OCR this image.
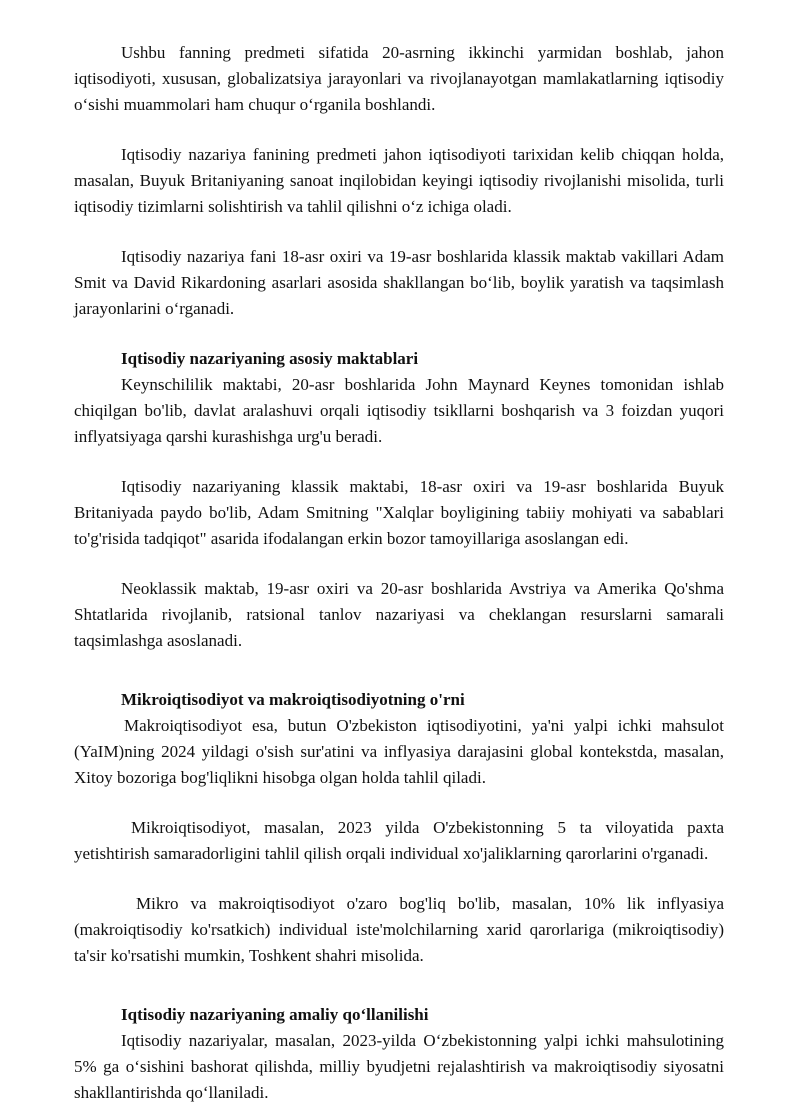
Ushbu fanning predmeti sifatida 20-asrning ikkinchi yarmidan boshlab, jahon iqtisodiyoti, xususan, globalizatsiya jarayonlari va rivojlanayotgan mamlakatlarning iqtisodiy o‘sishi muammolari ham chuqur o‘rganila boshlandi.

Iqtisodiy nazariya fanining predmeti jahon iqtisodiyoti tarixidan kelib chiqqan holda, masalan, Buyuk Britaniyaning sanoat inqilobidan keyingi iqtisodiy rivojlanishi misolida, turli iqtisodiy tizimlarni solishtirish va tahlil qilishni o‘z ichiga oladi.

Iqtisodiy nazariya fani 18-asr oxiri va 19-asr boshlarida klassik maktab vakillari Adam Smit va David Rikardoning asarlari asosida shakllangan bo‘lib, boylik yaratish va taqsimlash jarayonlarini o‘rganadi.

Iqtisodiy nazariyaning asosiy maktablari

Keynschililik maktabi, 20-asr boshlarida John Maynard Keynes tomonidan ishlab chiqilgan bo'lib, davlat aralashuvi orqali iqtisodiy tsikllarni boshqarish va 3 foizdan yuqori inflyatsiyaga qarshi kurashishga urg'u beradi.

Iqtisodiy nazariyaning klassik maktabi, 18-asr oxiri va 19-asr boshlarida Buyuk Britaniyada paydo bo'lib, Adam Smitning "Xalqlar boyligining tabiiy mohiyati va sabablari to'g'risida tadqiqot" asarida ifodalangan erkin bozor tamoyillariga asoslangan edi.

Neoklassik maktab, 19-asr oxiri va 20-asr boshlarida Avstriya va Amerika Qo'shma Shtatlarida rivojlanib, ratsional tanlov nazariyasi va cheklangan resurslarni samarali taqsimlashga asoslanadi.

Mikroiqtisodiyot va makroiqtisodiyotning o'rni

Makroiqtisodiyot esa, butun O'zbekiston iqtisodiyotini, ya'ni yalpi ichki mahsulot (YaIM)ning 2024 yildagi o'sish sur'atini va inflyasiya darajasini global kontekstda, masalan, Xitoy bozoriga bog'liqlikni hisobga olgan holda tahlil qiladi.

Mikroiqtisodiyot, masalan, 2023 yilda O'zbekistonning 5 ta viloyatida paxta yetishtirish samaradorligini tahlil qilish orqali individual xo'jaliklarning qarorlarini o'rganadi.

Mikro va makroiqtisodiyot o'zaro bog'liq bo'lib, masalan, 10% lik inflyasiya (makroiqtisodiy ko'rsatkich) individual iste'molchilarning xarid qarorlariga (mikroiqtisodiy) ta'sir ko'rsatishi mumkin, Toshkent shahri misolida.

Iqtisodiy nazariyaning amaliy qo‘llanilishi

Iqtisodiy nazariyalar, masalan, 2023-yilda O‘zbekistonning yalpi ichki mahsulotining 5% ga o‘sishini bashorat qilishda, milliy byudjetni rejalashtirish va makroiqtisodiy siyosatni shakllantirishda qo‘llaniladi.
